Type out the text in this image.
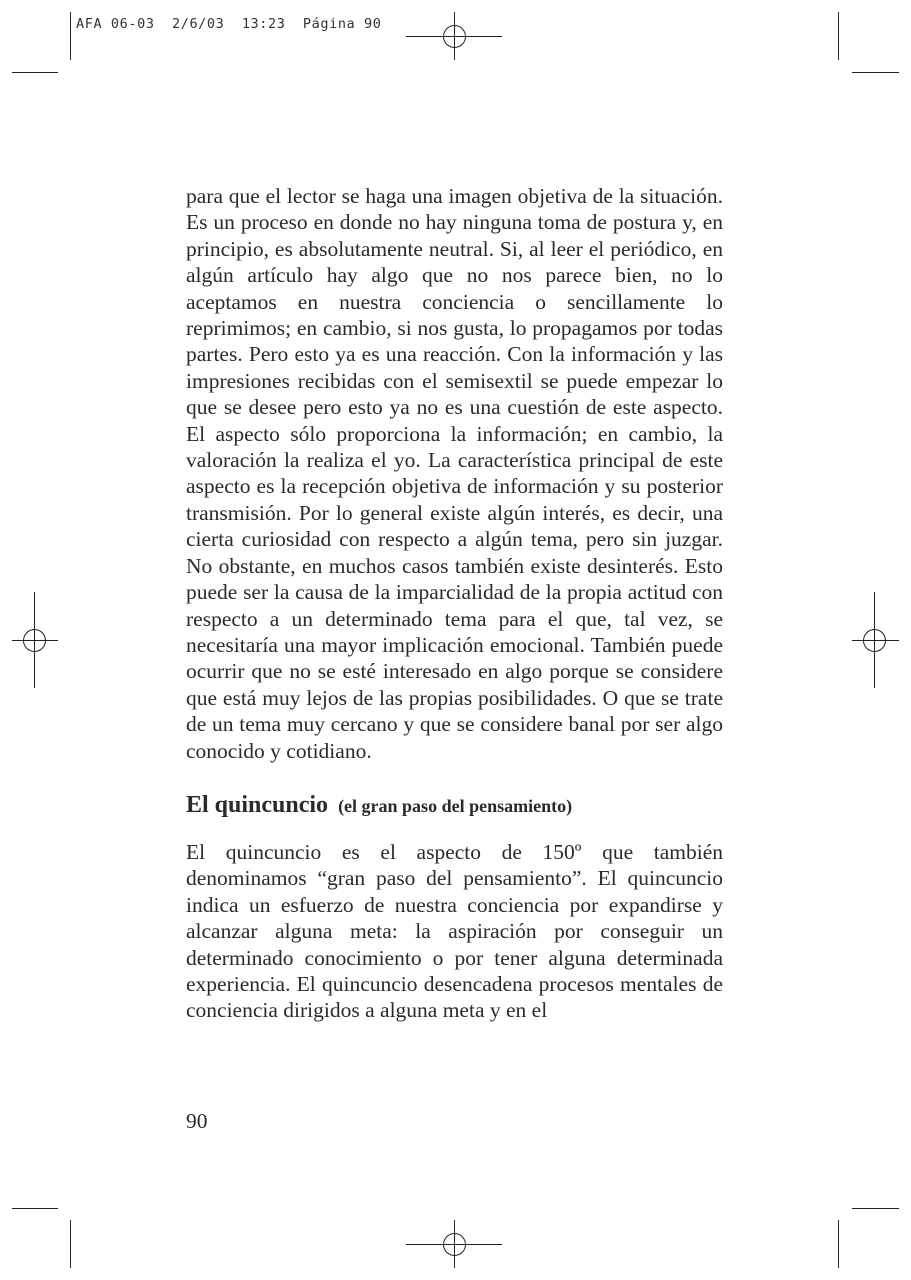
AFA 06-03  2/6/03  13:23  Página 90

para que el lector se haga una imagen objetiva de la situación. Es un proceso en donde no hay ninguna toma de postura y, en principio, es absolutamente neutral. Si, al leer el periódico, en algún artículo hay algo que no nos parece bien, no lo aceptamos en nuestra conciencia o sencillamente lo reprimimos; en cambio, si nos gusta, lo propagamos por todas partes. Pero esto ya es una reacción. Con la información y las impresiones recibidas con el semisextil se puede empezar lo que se desee pero esto ya no es una cuestión de este aspecto. El aspecto sólo proporciona la información; en cambio, la valoración la realiza el yo. La característica principal de este aspecto es la recepción objetiva de información y su posterior transmisión. Por lo general existe algún interés, es decir, una cierta curiosidad con respecto a algún tema, pero sin juzgar. No obstante, en muchos casos también existe desinterés. Esto puede ser la causa de la imparcialidad de la propia actitud con respecto a un determinado tema para el que, tal vez, se necesitaría una mayor implicación emocional. También puede ocurrir que no se esté interesado en algo porque se considere que está muy lejos de las propias posibilidades. O que se trate de un tema muy cercano y que se considere banal por ser algo conocido y cotidiano.

El quincuncio (el gran paso del pensamiento)

El quincuncio es el aspecto de 150º que también denominamos “gran paso del pensamiento”. El quincuncio indica un esfuerzo de nuestra conciencia por expandirse y alcanzar alguna meta: la aspiración por conseguir un determinado conocimiento o por tener alguna determinada experiencia. El quincuncio desencadena procesos mentales de conciencia dirigidos a alguna meta y en el

90
